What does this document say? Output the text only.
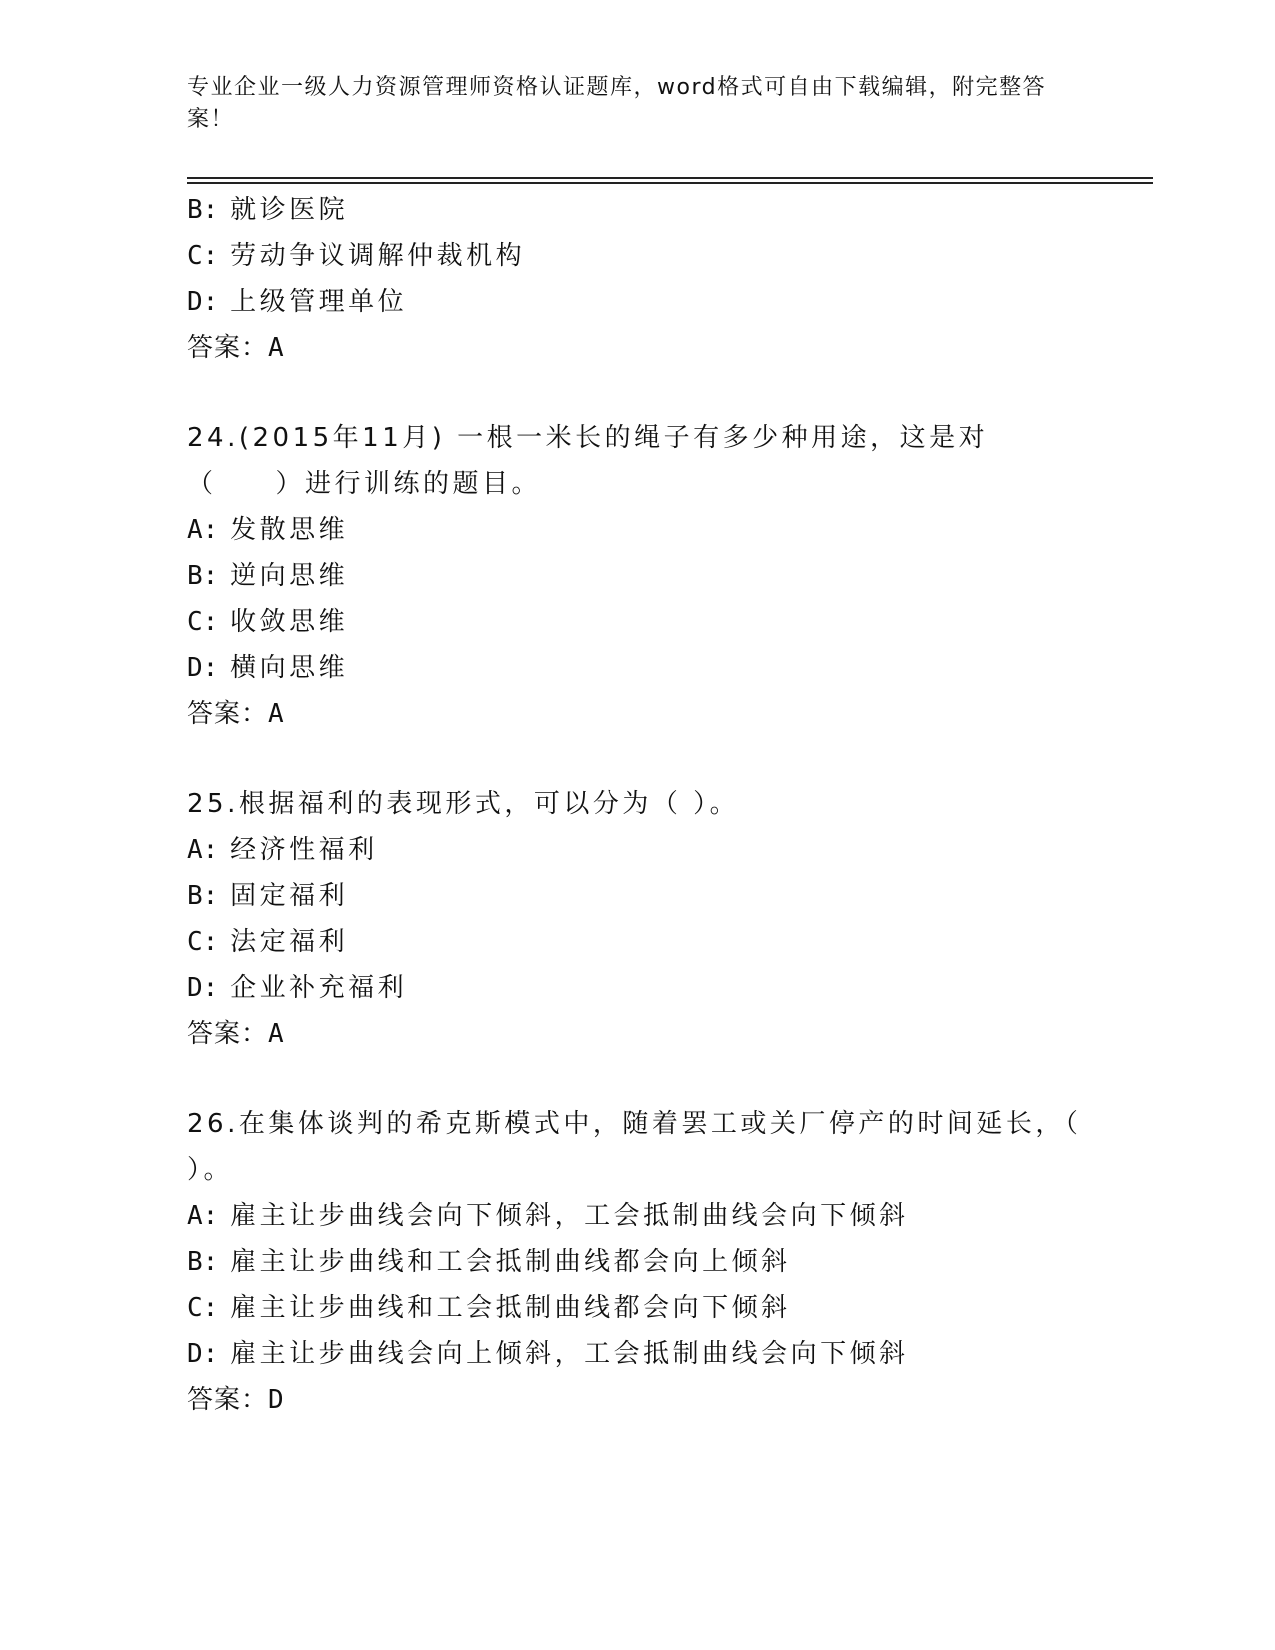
专业企业一级人力资源管理师资格认证题库，word格式可自由下载编辑，附完整答案！
B: 就诊医院
C: 劳动争议调解仲裁机构
D: 上级管理单位
答案：A
24.(2015年11月) 一根一米长的绳子有多少种用途，这是对（　　）进行训练的题目。
A: 发散思维
B: 逆向思维
C: 收敛思维
D: 横向思维
答案：A
25.根据福利的表现形式，可以分为（ ）。
A: 经济性福利
B: 固定福利
C: 法定福利
D: 企业补充福利
答案：A
26.在集体谈判的希克斯模式中，随着罢工或关厂停产的时间延长，（ ）。
A: 雇主让步曲线会向下倾斜，工会抵制曲线会向下倾斜
B: 雇主让步曲线和工会抵制曲线都会向上倾斜
C: 雇主让步曲线和工会抵制曲线都会向下倾斜
D: 雇主让步曲线会向上倾斜，工会抵制曲线会向下倾斜
答案：D
